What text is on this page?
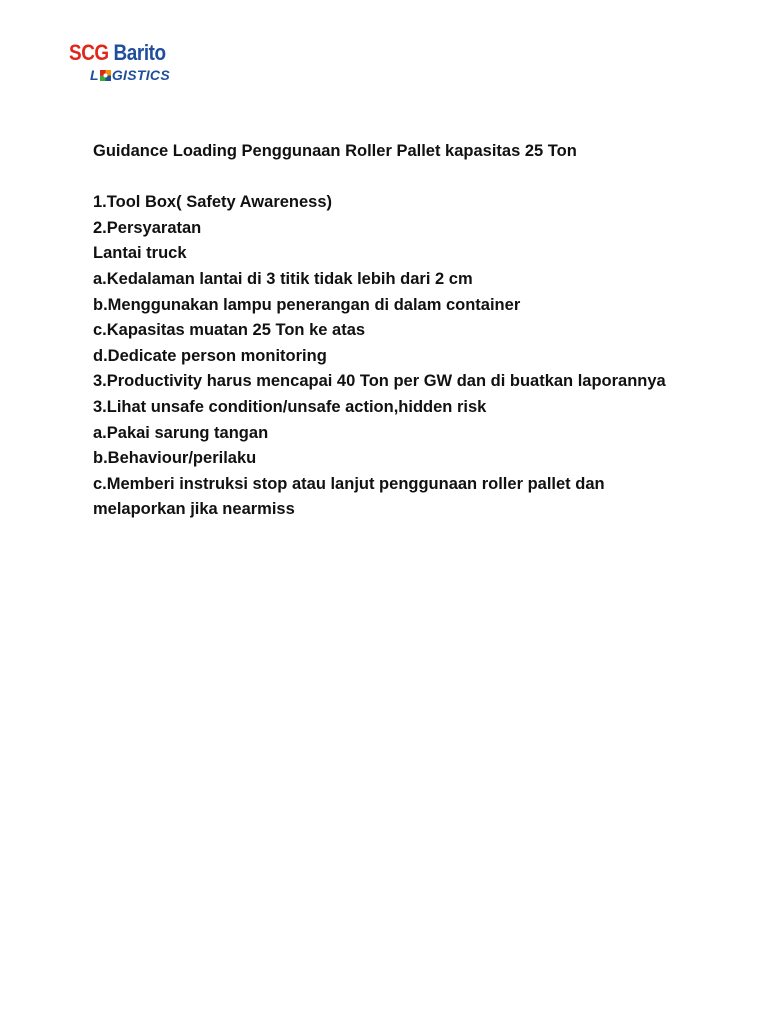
SCG Barito
L GISTICS
Guidance Loading Penggunaan Roller Pallet kapasitas 25 Ton
1.Tool Box( Safety Awareness)
2.Persyaratan
Lantai truck
a.Kedalaman lantai di 3 titik tidak lebih dari 2 cm
b.Menggunakan lampu penerangan di dalam container
c.Kapasitas muatan 25 Ton ke atas
d.Dedicate person monitoring
3.Productivity harus mencapai 40 Ton per GW dan di buatkan laporannya
3.Lihat unsafe condition/unsafe action,hidden risk
a.Pakai sarung tangan
b.Behaviour/perilaku
c.Memberi instruksi stop atau lanjut penggunaan roller pallet dan melaporkan jika nearmiss
